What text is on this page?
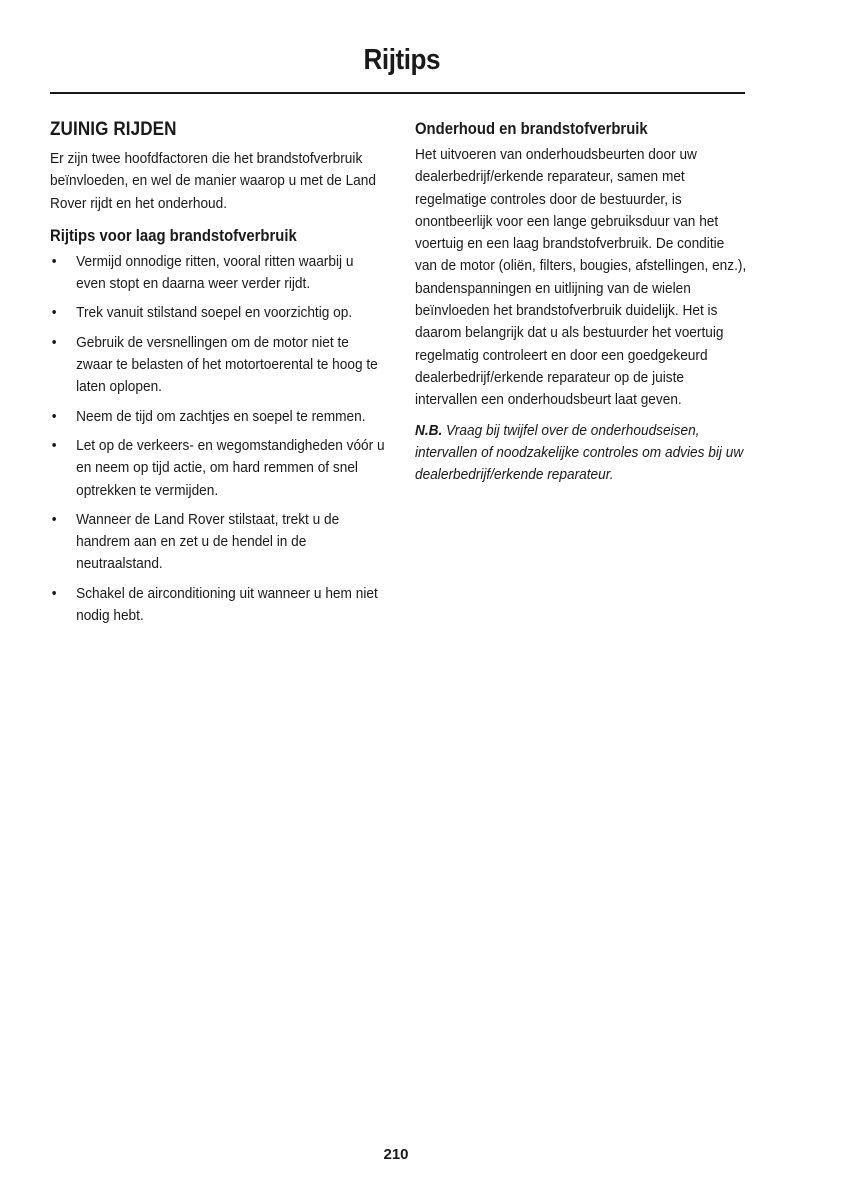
Rijtips
ZUINIG RIJDEN

Er zijn twee hoofdfactoren die het brandstofverbruik beïnvloeden, en wel de manier waarop u met de Land Rover rijdt en het onderhoud.

Rijtips voor laag brandstofverbruik
• Vermijd onnodige ritten, vooral ritten waarbij u even stopt en daarna weer verder rijdt.
• Trek vanuit stilstand soepel en voorzichtig op.
• Gebruik de versnellingen om de motor niet te zwaar te belasten of het motortoerental te hoog te laten oplopen.
• Neem de tijd om zachtjes en soepel te remmen.
• Let op de verkeers- en wegomstandigheden vóór u en neem op tijd actie, om hard remmen of snel optrekken te vermijden.
• Wanneer de Land Rover stilstaat, trekt u de handrem aan en zet u de hendel in de neutraalstand.
• Schakel de airconditioning uit wanneer u hem niet nodig hebt.
Onderhoud en brandstofverbruik

Het uitvoeren van onderhoudsbeurten door uw dealerbedrijf/erkende reparateur, samen met regelmatige controles door de bestuurder, is onontbeerlijk voor een lange gebruiksduur van het voertuig en een laag brandstofverbruik. De conditie van de motor (oliën, filters, bougies, afstellingen, enz.), bandenspanningen en uitlijning van de wielen beïnvloeden het brandstofverbruik duidelijk. Het is daarom belangrijk dat u als bestuurder het voertuig regelmatig controleert en door een goedgekeurd dealerbedrijf/erkende reparateur op de juiste intervallen een onderhoudsbeurt laat geven.

N.B. Vraag bij twijfel over de onderhoudseisen, intervallen of noodzakelijke controles om advies bij uw dealerbedrijf/erkende reparateur.

210
